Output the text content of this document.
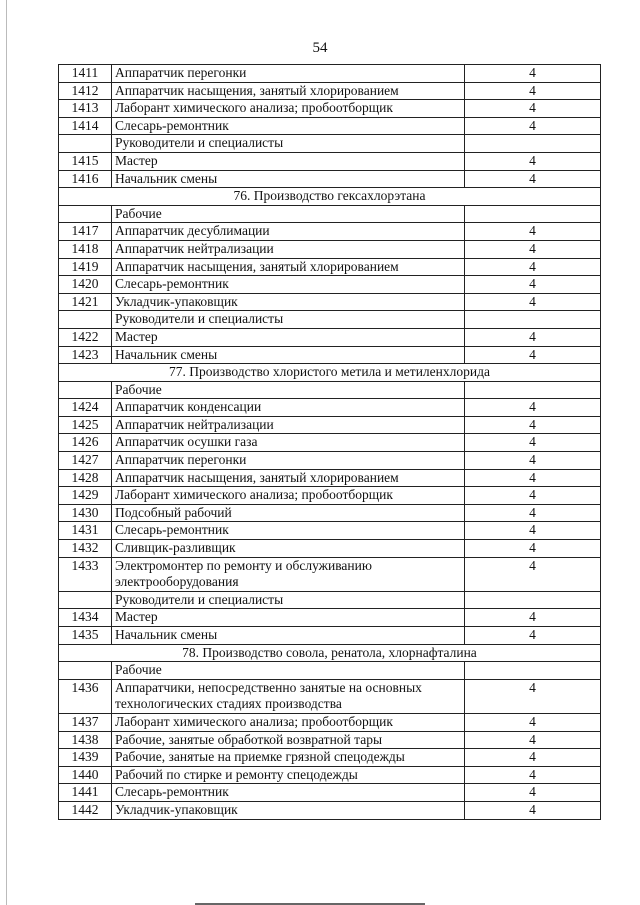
54
1411	Аппаратчик перегонки	4
1412	Аппаратчик насыщения, занятый хлорированием	4
1413	Лаборант химического анализа; пробоотборщик	4
1414	Слесарь-ремонтник	4
	Руководители и специалисты	
1415	Мастер	4
1416	Начальник смены	4
76. Производство гексахлорэтана		
	Рабочие	
1417	Аппаратчик десублимации	4
1418	Аппаратчик нейтрализации	4
1419	Аппаратчик насыщения, занятый хлорированием	4
1420	Слесарь-ремонтник	4
1421	Укладчик-упаковщик	4
	Руководители и специалисты	
1422	Мастер	4
1423	Начальник смены	4
77. Производство хлористого метила и метиленхлорида		
	Рабочие	
1424	Аппаратчик конденсации	4
1425	Аппаратчик нейтрализации	4
1426	Аппаратчик осушки газа	4
1427	Аппаратчик перегонки	4
1428	Аппаратчик насыщения, занятый хлорированием	4
1429	Лаборант химического анализа; пробоотборщик	4
1430	Подсобный рабочий	4
1431	Слесарь-ремонтник	4
1432	Сливщик-разливщик	4
1433	Электромонтер по ремонту и обслуживанию электрооборудования	4
	Руководители и специалисты	
1434	Мастер	4
1435	Начальник смены	4
78. Производство совола, ренатола, хлорнафталина		
	Рабочие	
1436	Аппаратчики, непосредственно занятые на основных технологических стадиях производства	4
1437	Лаборант химического анализа; пробоотборщик	4
1438	Рабочие, занятые обработкой возвратной тары	4
1439	Рабочие, занятые на приемке грязной спецодежды	4
1440	Рабочий по стирке и ремонту спецодежды	4
1441	Слесарь-ремонтник	4
1442	Укладчик-упаковщик	4
